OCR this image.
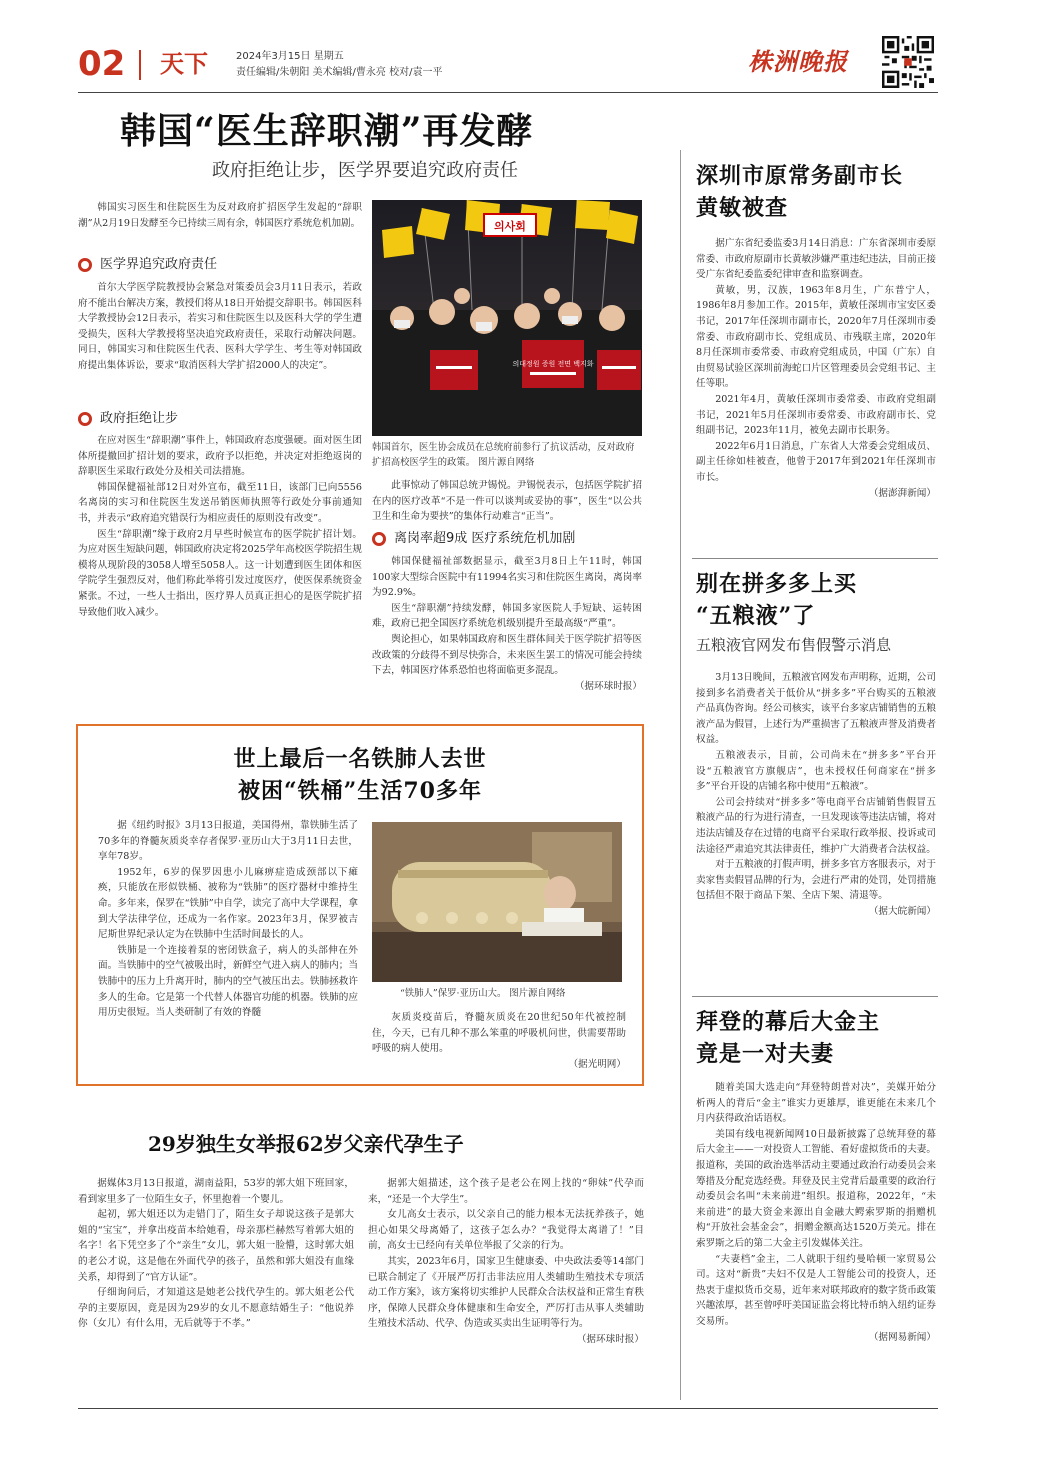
02 天下	2024年3月15日 星期五
责任编辑/朱朝阳 美术编辑/曹永亮 校对/袁一平	株洲晚报
韩国“医生辞职潮”再发酵
政府拒绝让步，医学界要追究政府责任

韩国实习医生和住院医生为反对政府扩招医学生发起的“辞职潮”从2月19日发酵至今已持续三周有余，韩国医疗系统危机加剧。

医学界追究政府责任

首尔大学医学院教授协会紧急对策委员会3月11日表示，若政府不能出台解决方案，教授们将从18日开始提交辞职书。韩国医科大学教授协会12日表示，若实习和住院医生以及医科大学的学生遭受损失，医科大学教授将坚决追究政府责任，采取行动解决问题。同日，韩国实习和住院医生代表、医科大学学生、考生等对韩国政府提出集体诉讼，要求“取消医科大学扩招2000人的决定”。

政府拒绝让步

在应对医生“辞职潮”事件上，韩国政府态度强硬。面对医生团体所提撤回扩招计划的要求，政府予以拒绝，并决定对拒绝返岗的辞职医生采取行政处分及相关司法措施。

韩国保健福祉部12日对外宣布，截至11日，该部门已向5556名离岗的实习和住院医生发送吊销医师执照等行政处分事前通知书，并表示“政府追究错误行为相应责任的原则没有改变”。

医生“辞职潮”缘于政府2月早些时候宣布的医学院扩招计划。为应对医生短缺问题，韩国政府决定将2025学年高校医学院招生规模将从现阶段的3058人增至5058人。这一计划遭到医生团体和医学院学生强烈反对，他们称此举将引发过度医疗，使医保系统资金紧张。不过，一些人士指出，医疗界人员真正担心的是医学院扩招导致他们收入减少。

의사회
의대정원 증원 전면 백지화
韩国首尔，医生协会成员在总统府前参行了抗议活动，反对政府扩招高校医学生的政策。 图片源自网络

此事惊动了韩国总统尹锡悦。尹锡悦表示，包括医学院扩招在内的医疗改革“不是一件可以谈判或妥协的事”，医生“以公共卫生和生命为要挟”的集体行动难言“正当”。

离岗率超9成 医疗系统危机加剧

韩国保健福祉部数据显示，截至3月8日上午11时，韩国100家大型综合医院中有11994名实习和住院医生离岗，离岗率为92.9%。

医生“辞职潮”持续发酵，韩国多家医院人手短缺、运转困难，政府已把全国医疗系统危机级别提升至最高级“严重”。

舆论担心，如果韩国政府和医生群体间关于医学院扩招等医改政策的分歧得不到尽快弥合，未来医生罢工的情况可能会持续下去，韩国医疗体系恐怕也将面临更多混乱。

（据环球时报）
世上最后一名铁肺人去世
被困“铁桶”生活70多年

据《纽约时报》3月13日报道，美国得州，靠铁肺生活了70多年的脊髓灰质炎幸存者保罗·亚历山大于3月11日去世，享年78岁。

1952年，6岁的保罗因患小儿麻痹症造成颈部以下瘫痪，只能放在形似铁桶、被称为“铁肺”的医疗器材中维持生命。多年来，保罗在“铁肺”中自学，读完了高中大学课程，拿到大学法律学位，还成为一名作家。2023年3月，保罗被吉尼斯世界纪录认定为在铁肺中生活时间最长的人。

铁肺是一个连接着泵的密闭铁盒子，病人的头部伸在外面。当铁肺中的空气被吸出时，新鲜空气进入病人的肺内；当铁肺中的压力上升离开时，肺内的空气被压出去。铁肺拯救许多人的生命。它是第一个代替人体器官功能的机器。铁肺的应用历史很短。当人类研制了有效的脊髓

“铁肺人”保罗·亚历山大。 图片源自网络

灰质炎疫苗后，脊髓灰质炎在20世纪50年代被控制住，今天，已有几种不那么笨重的呼吸机问世，供需要帮助呼吸的病人使用。

（据光明网）
29岁独生女举报62岁父亲代孕生子

据媒体3月13日报道，湖南益阳，53岁的郭大姐下班回家，看到家里多了一位陌生女子，怀里抱着一个婴儿。

起初，郭大姐还以为走错门了，陌生女子却说这孩子是郭大姐的“宝宝”，并拿出疫苗本给她看，母亲那栏赫然写着郭大姐的名字！名下凭空多了个“亲生”女儿，郭大姐一脸懵，这时郭大姐的老公才说，这是他在外面代孕的孩子，虽然和郭大姐没有血缘关系，却得到了“官方认证”。

仔细询问后，才知道这是她老公找代孕生的。郭大姐老公代孕的主要原因，竟是因为29岁的女儿不愿意结婚生子：“他说养你（女儿）有什么用，无后就等于不孝。”

据郭大姐描述，这个孩子是老公在网上找的“卵妹”代孕而来，“还是一个大学生”。

女儿高女士表示，以父亲自己的能力根本无法抚养孩子，她担心如果父母离婚了，这孩子怎么办？“我觉得太离谱了！”目前，高女士已经向有关单位举报了父亲的行为。

其实，2023年6月，国家卫生健康委、中央政法委等14部门已联合制定了《开展严厉打击非法应用人类辅助生殖技术专项活动工作方案》，该方案将切实维护人民群众合法权益和正常生育秩序，保障人民群众身体健康和生命安全，严厉打击从事人类辅助生殖技术活动、代孕、伪造或买卖出生证明等行为。

（据环球时报）
深圳市原常务副市长
黄敏被查

据广东省纪委监委3月14日消息：广东省深圳市委原常委、市政府原副市长黄敏涉嫌严重违纪违法，目前正接受广东省纪委监委纪律审查和监察调查。

黄敏，男，汉族，1963年8月生，广东普宁人，1986年8月参加工作。2015年，黄敏任深圳市宝安区委书记，2017年任深圳市副市长，2020年7月任深圳市委常委、市政府副市长、党组成员、市残联主席，2020年8月任深圳市委常委、市政府党组成员，中国（广东）自由贸易试验区深圳前海蛇口片区管理委员会党组书记、主任等职。

2021年4月，黄敏任深圳市委常委、市政府党组副书记，2021年5月任深圳市委常委、市政府副市长、党组副书记，2023年11月，被免去副市长职务。

2022年6月1日消息，广东省人大常委会党组成员、副主任徐如桂被查，他曾于2017年到2021年任深圳市市长。

（据澎湃新闻）
别在拼多多上买
“五粮液”了
五粮液官网发布售假警示消息

3月13日晚间，五粮液官网发布声明称，近期，公司接到多名消费者关于低价从“拼多多”平台购买的五粮液产品真伪咨询。经公司核实，该平台多家店铺销售的五粮液产品为假冒，上述行为严重损害了五粮液声誉及消费者权益。

五粮液表示，目前，公司尚未在“拼多多”平台开设“五粮液官方旗舰店”，也未授权任何商家在“拼多多”平台开设的店铺名称中使用“五粮液”。

公司会持续对“拼多多”等电商平台店铺销售假冒五粮液产品的行为进行清查，一旦发现该等违法店铺，将对违法店铺及存在过错的电商平台采取行政举报、投诉或司法途径严肃追究其法律责任，维护广大消费者合法权益。

对于五粮液的打假声明，拼多多官方客服表示，对于卖家售卖假冒品牌的行为，会进行严肃的处罚，处罚措施包括但不限于商品下架、全店下架、清退等。

（据大皖新闻）
拜登的幕后大金主
竟是一对夫妻

随着美国大选走向“拜登特朗普对决”，美媒开始分析两人的背后“金主”谁实力更雄厚，谁更能在未来几个月内获得政治话语权。

美国有线电视新闻网10日最新披露了总统拜登的幕后大金主——一对投资人工智能、看好虚拟货币的夫妻。报道称，美国的政治选举活动主要通过政治行动委员会来筹措及分配竞选经费。拜登及民主党背后最重要的政治行动委员会名叫“未来前进”组织。报道称，2022年，“未来前进”的最大资金来源出自金融大鳄索罗斯的捐赠机构“开放社会基金会”，捐赠金额高达1520万美元。排在索罗斯之后的第二大金主引发媒体关注。

“夫妻档”金主，二人就职于纽约曼哈顿一家贸易公司。这对“新贵”夫妇不仅是人工智能公司的投资人，还热衷于虚拟货币交易，近年来对联邦政府的数字货币政策兴趣浓厚，甚至曾呼吁美国证监会将比特币纳入纽约证券交易所。

（据网易新闻）
